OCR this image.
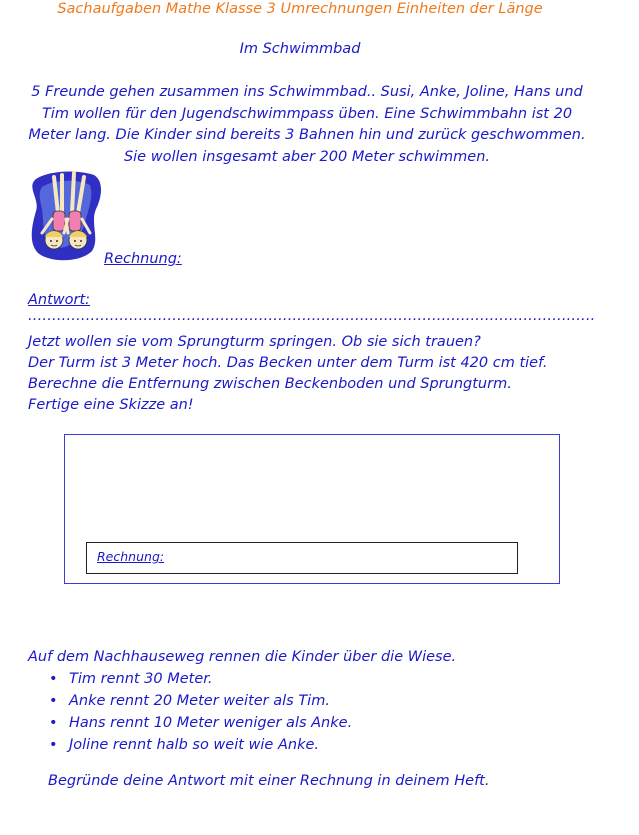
Sachaufgaben Mathe Klasse 3 Umrechnungen Einheiten der Länge
Im Schwimmbad
5 Freunde gehen zusammen ins Schwimmbad.. Susi, Anke, Joline, Hans und Tim wollen für den Jugendschwimmpass üben. Eine Schwimmbahn ist 20 Meter lang. Die Kinder sind bereits 3 Bahnen hin und zurück geschwommen. Sie wollen insgesamt aber 200 Meter schwimmen.
Rechnung:
Antwort: ......................................................................................................................

Jetzt wollen sie vom Sprungturm springen. Ob sie sich trauen?

Der Turm ist 3 Meter hoch. Das Becken unter dem Turm ist 420 cm tief.

Berechne die Entfernung zwischen Beckenboden und Sprungturm.

Fertige eine Skizze an!

Rechnung:
Auf dem Nachhauseweg rennen die Kinder über die Wiese.
• Tim rennt 30 Meter.
• Anke rennt 20 Meter weiter als Tim.
• Hans rennt 10 Meter weniger als Anke.
• Joline rennt halb so weit wie Anke.
Begründe deine Antwort mit einer Rechnung in deinem Heft.
